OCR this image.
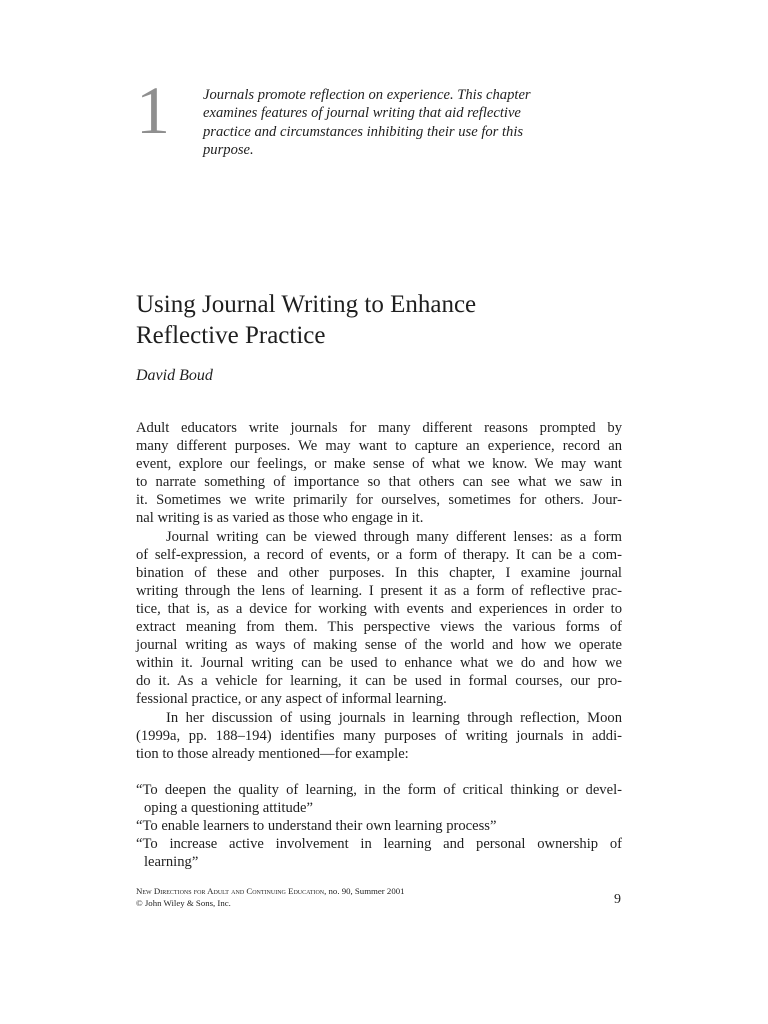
1 Journals promote reflection on experience. This chapter
examines features of journal writing that aid reflective
practice and circumstances inhibiting their use for this
purpose.

Using Journal Writing to Enhance
Reflective Practice
David Boud
Adult educators write journals for many different reasons prompted by
many different purposes. We may want to capture an experience, record an
event, explore our feelings, or make sense of what we know. We may want
to narrate something of importance so that others can see what we saw in
it. Sometimes we write primarily for ourselves, sometimes for others. Jour-
nal writing is as varied as those who engage in it.
Journal writing can be viewed through many different lenses: as a form
of self-expression, a record of events, or a form of therapy. It can be a com-
bination of these and other purposes. In this chapter, I examine journal
writing through the lens of learning. I present it as a form of reflective prac-
tice, that is, as a device for working with events and experiences in order to
extract meaning from them. This perspective views the various forms of
journal writing as ways of making sense of the world and how we operate
within it. Journal writing can be used to enhance what we do and how we
do it. As a vehicle for learning, it can be used in formal courses, our pro-
fessional practice, or any aspect of informal learning.
In her discussion of using journals in learning through reflection, Moon
(1999a, pp. 188–194) identifies many purposes of writing journals in addi-
tion to those already mentioned—for example:
“To deepen the quality of learning, in the form of critical thinking or devel-
oping a questioning attitude”
“To enable learners to understand their own learning process”
“To increase active involvement in learning and personal ownership of
learning”
New Directions for Adult and Continuing Education, no. 90, Summer 2001
© John Wiley & Sons, Inc.	9
